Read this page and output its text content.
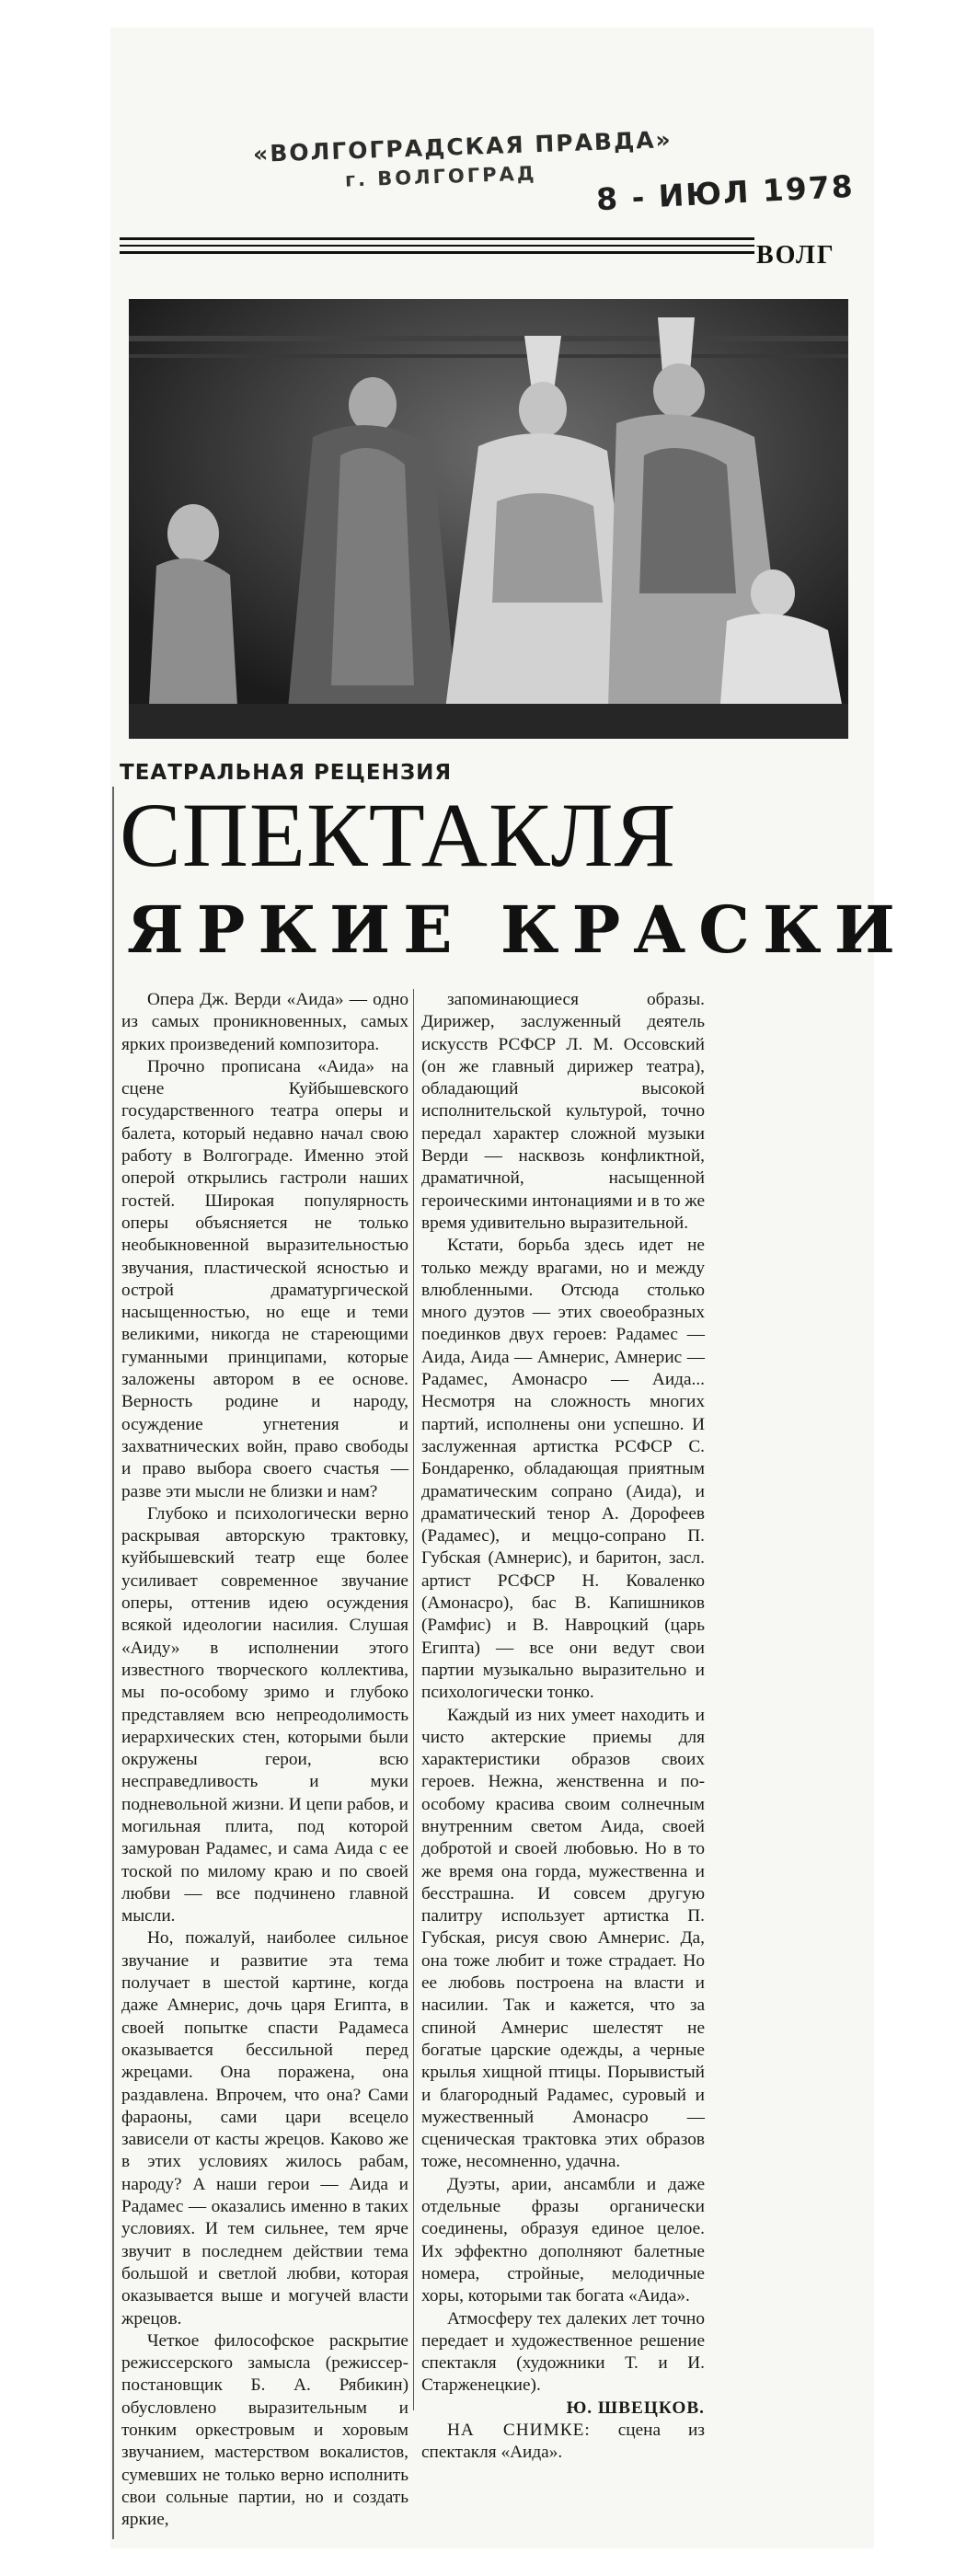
«ВОЛГОГРАДСКАЯ ПРАВДА»
г. ВОЛГОГРАД 8 - ИЮЛ 1978
ВОЛГ
ТЕАТРАЛЬНАЯ РЕЦЕНЗИЯ
СПЕКТАКЛЯ
ЯРКИЕ КРАСКИ

Опера Дж. Верди «Аида» — одно из самых проникновенных, самых ярких произведений композитора.

Прочно прописана «Аида» на сцене Куйбышевского государственного театра оперы и балета, который недавно начал свою работу в Волгограде. Именно этой оперой открылись гастроли наших гостей. Широкая популярность оперы объясняется не только необыкновенной выразительностью звучания, пластической ясностью и острой драматургической насыщенностью, но еще и теми великими, никогда не стареющими гуманными принципами, которые заложены автором в ее основе. Верность родине и народу, осуждение угнетения и захватнических войн, право свободы и право выбора своего счастья — разве эти мысли не близки и нам?

Глубоко и психологически верно раскрывая авторскую трактовку, куйбышевский театр еще более усиливает современное звучание оперы, оттенив идею осуждения всякой идеологии насилия. Слушая «Аиду» в исполнении этого известного творческого коллектива, мы по-особому зримо и глубоко представляем всю непреодолимость иерархических стен, которыми были окружены герои, всю несправедливость и муки подневольной жизни. И цепи рабов, и могильная плита, под которой замурован Радамес, и сама Аида с ее тоской по милому краю и по своей любви — все подчинено главной мысли.

Но, пожалуй, наиболее сильное звучание и развитие эта тема получает в шестой картине, когда даже Амнерис, дочь царя Египта, в своей попытке спасти Радамеса оказывается бессильной перед жрецами. Она поражена, она раздавлена. Впрочем, что она? Сами фараоны, сами цари всецело зависели от касты жрецов. Каково же в этих условиях жилось рабам, народу? А наши герои — Аида и Радамес — оказались именно в таких условиях. И тем сильнее, тем ярче звучит в последнем действии тема большой и светлой любви, которая оказывается выше и могучей власти жрецов.

Четкое философское раскрытие режиссерского замысла (режиссер-постановщик Б. А. Рябикин) обусловлено выразительным и тонким оркестровым и хоровым звучанием, мастерством вокалистов, сумевших не только верно исполнить свои сольные партии, но и создать яркие,

запоминающиеся образы. Дирижер, заслуженный деятель искусств РСФСР Л. М. Оссовский (он же главный дирижер театра), обладающий высокой исполнительской культурой, точно передал характер сложной музыки Верди — насквозь конфликтной, драматичной, насыщенной героическими интонациями и в то же время удивительно выразительной.

Кстати, борьба здесь идет не только между врагами, но и между влюбленными. Отсюда столько много дуэтов — этих своеобразных поединков двух героев: Радамес — Аида, Аида — Амнерис, Амнерис — Радамес, Амонасро — Аида... Несмотря на сложность многих партий, исполнены они успешно. И заслуженная артистка РСФСР С. Бондаренко, обладающая приятным драматическим сопрано (Аида), и драматический тенор А. Дорофеев (Радамес), и меццо-сопрано П. Губская (Амнерис), и баритон, засл. артист РСФСР Н. Коваленко (Амонасро), бас В. Капишников (Рамфис) и В. Навроцкий (царь Египта) — все они ведут свои партии музыкально выразительно и психологически тонко.

Каждый из них умеет находить и чисто актерские приемы для характеристики образов своих героев. Нежна, женственна и по-особому красива своим солнечным внутренним светом Аида, своей добротой и своей любовью. Но в то же время она горда, мужественна и бесстрашна. И совсем другую палитру использует артистка П. Губская, рисуя свою Амнерис. Да, она тоже любит и тоже страдает. Но ее любовь построена на власти и насилии. Так и кажется, что за спиной Амнерис шелестят не богатые царские одежды, а черные крылья хищной птицы. Порывистый и благородный Радамес, суровый и мужественный Амонасро — сценическая трактовка этих образов тоже, несомненно, удачна.

Дуэты, арии, ансамбли и даже отдельные фразы органически соединены, образуя единое целое. Их эффектно дополняют балетные номера, стройные, мелодичные хоры, которыми так богата «Аида».

Атмосферу тех далеких лет точно передает и художественное решение спектакля (художники Т. и И. Старженецкие).

Ю. ШВЕЦКОВ.

НА СНИМКЕ: сцена из спектакля «Аида».
